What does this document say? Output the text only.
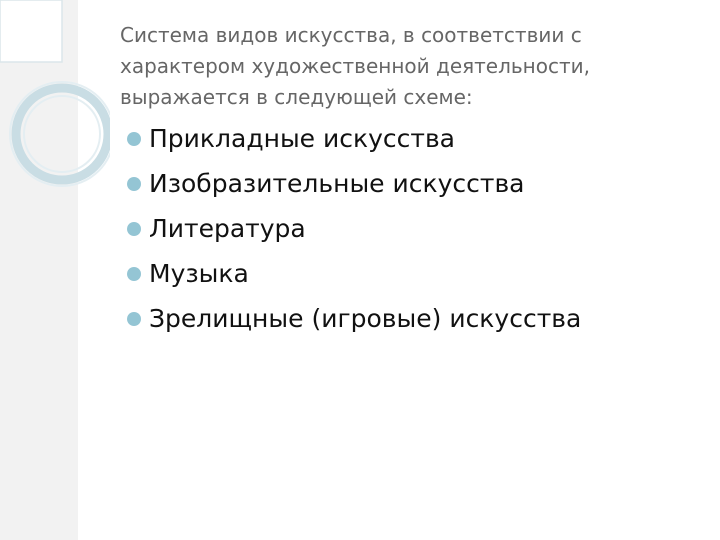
Система видов искусства, в соответствии с
характером художественной деятельности,
выражается в следующей схеме:
Прикладные искусства
Изобразительные искусства
Литература
Музыка
Зрелищные (игровые) искусства
